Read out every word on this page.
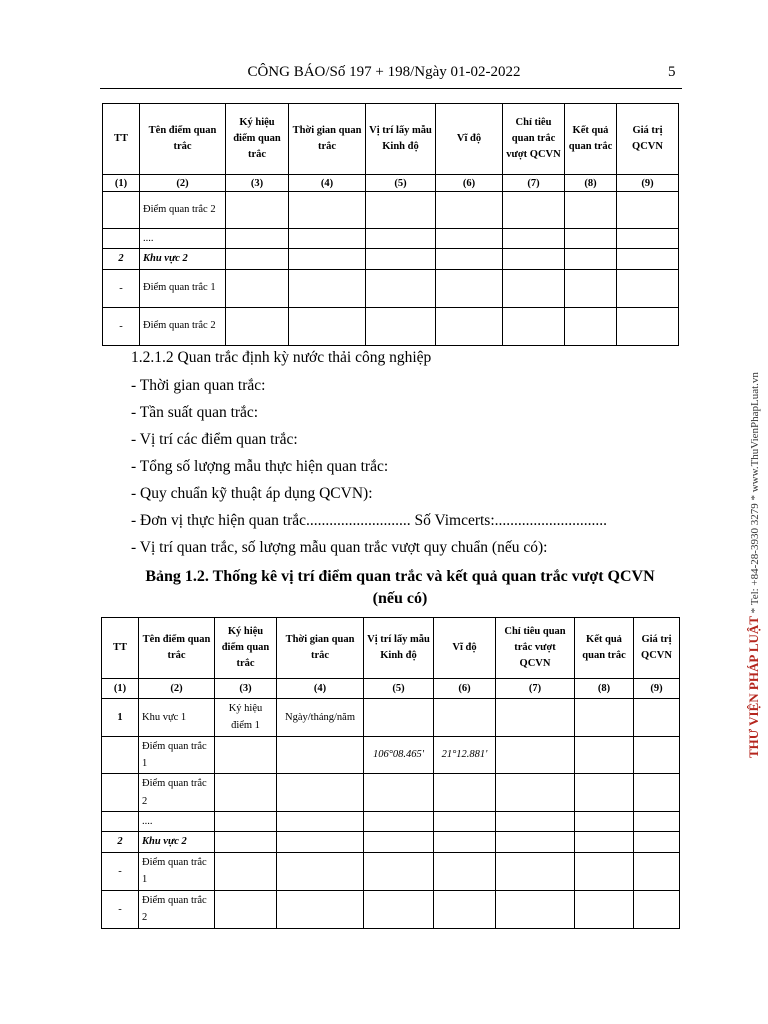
CÔNG BÁO/Số 197 + 198/Ngày 01-02-2022	5
TT	Tên điểm quan trắc	Ký hiệu điểm quan trắc	Thời gian quan trắc	Vị trí lấy mẫu Kinh độ	Vĩ độ	Chỉ tiêu quan trắc vượt QCVN	Kết quả quan trắc	Giá trị QCVN
(1)	(2)	(3)	(4)	(5)	(6)	(7)	(8)	(9)
	Điểm quan trắc 2							
	....							
2	Khu vực 2							
-	Điểm quan trắc 1							
-	Điểm quan trắc 2							
1.2.1.2 Quan trắc định kỳ nước thải công nghiệp
- Thời gian quan trắc:
- Tần suất quan trắc:
- Vị trí các điểm quan trắc:
- Tổng số lượng mẫu thực hiện quan trắc:
- Quy chuẩn kỹ thuật áp dụng QCVN):
- Đơn vị thực hiện quan trắc........................... Số Vimcerts:.............................
- Vị trí quan trắc, số lượng mẫu quan trắc vượt quy chuẩn (nếu có):
Bảng 1.2. Thống kê vị trí điểm quan trắc và kết quả quan trắc vượt QCVN
(nếu có)
TT	Tên điểm quan trắc	Ký hiệu điểm quan trắc	Thời gian quan trắc	Vị trí lấy mẫu Kinh độ	Vĩ độ	Chỉ tiêu quan trắc vượt QCVN	Kết quả quan trắc	Giá trị QCVN
(1)	(2)	(3)	(4)	(5)	(6)	(7)	(8)	(9)
1	Khu vực 1	Ký hiệu điểm 1	Ngày/tháng/năm					
	Điểm quan trắc 1			106°08.465'	21°12.881'			
	Điểm quan trắc 2							
	....							
2	Khu vực 2							
-	Điểm quan trắc 1							
-	Điểm quan trắc 2							
THƯ VIỆN PHÁP LUẬT * Tel: +84-28-3930 3279 * www.ThuVienPhapLuat.vn
